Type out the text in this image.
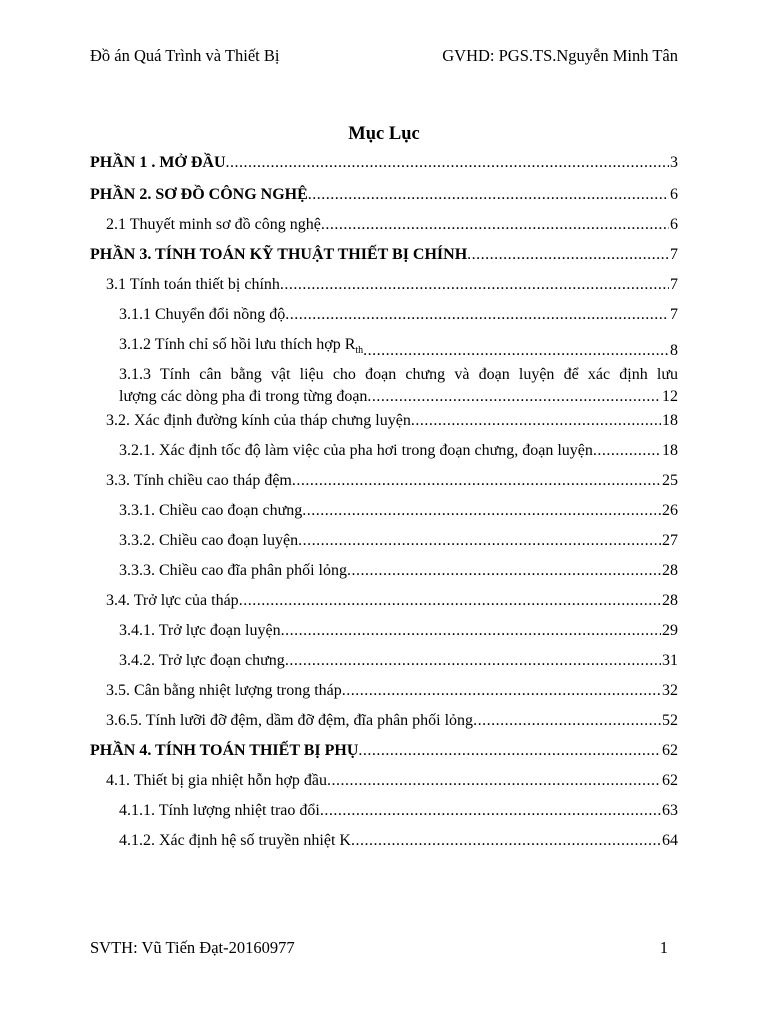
Đồ án Quá Trình và Thiết Bị	GVHD: PGS.TS.Nguyễn Minh Tân
Mục Lục
PHẦN 1 . MỞ ĐẦU .....	3
PHẦN 2. SƠ ĐỒ CÔNG NGHỆ .....	6
2.1 Thuyết minh sơ đồ công nghệ .....	6
PHẦN 3. TÍNH TOÁN KỸ THUẬT THIẾT BỊ CHÍNH .....	7
3.1 Tính toán thiết bị chính .....	7
3.1.1 Chuyển đổi nồng độ .....	7
3.1.2 Tính chỉ số hồi lưu thích hợp $R_{th}$ .....	8
3.1.3 Tính cân bằng vật liệu cho đoạn chưng và đoạn luyện để xác định lưu
lượng các dòng pha đi trong từng đoạn .....	12
3.2. Xác định đường kính của tháp chưng luyện .....	18
3.2.1. Xác định tốc độ làm việc của pha hơi trong đoạn chưng, đoạn luyện .....	18
3.3. Tính chiều cao tháp đệm .....	25
3.3.1. Chiều cao đoạn chưng .....	26
3.3.2. Chiều cao đoạn luyện .....	27
3.3.3. Chiều cao đĩa phân phối lỏng .....	28
3.4. Trở lực của tháp .....	28
3.4.1. Trở lực đoạn luyện .....	29
3.4.2. Trở lực đoạn chưng .....	31
3.5. Cân bằng nhiệt lượng trong tháp .....	32
3.6.5. Tính lưỡi đỡ đệm, dầm đỡ đệm, đĩa phân phối lỏng .....	52
PHẦN 4. TÍNH TOÁN THIẾT BỊ PHỤ .....	62
4.1. Thiết bị gia nhiệt hỗn hợp đầu .....	62
4.1.1. Tính lượng nhiệt trao đổi .....	63
4.1.2. Xác định hệ số truyền nhiệt K .....	64
SVTH: Vũ Tiến Đạt-20160977	1
